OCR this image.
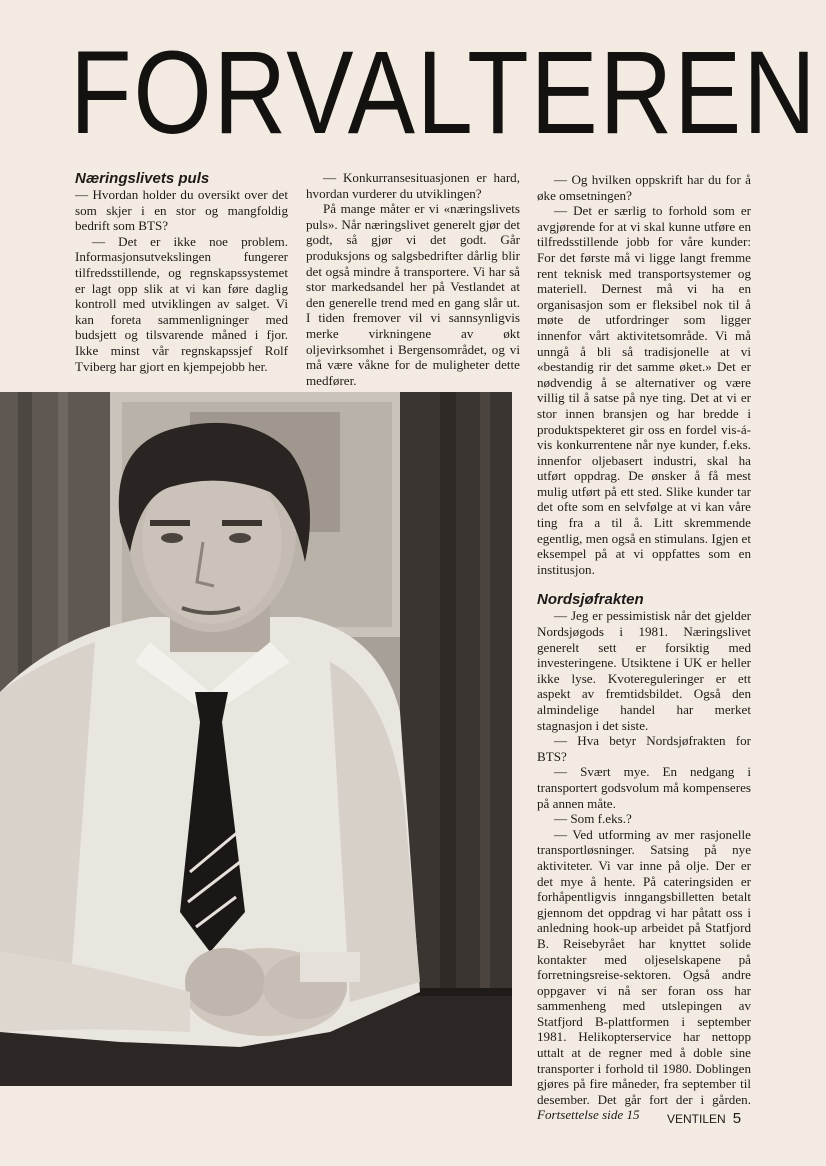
FORVALTEREN
Næringslivets puls

— Hvordan holder du oversikt over det som skjer i en stor og mangfoldig bedrift som BTS?

— Det er ikke noe problem. Informasjonsutvekslingen fungerer tilfredsstillende, og regnskapssystemet er lagt opp slik at vi kan føre daglig kontroll med utviklingen av salget. Vi kan foreta sammenligninger med budsjett og tilsvarende måned i fjor. Ikke minst vår regnskapssjef Rolf Tviberg har gjort en kjempejobb her.

— Konkurransesituasjonen er hard, hvordan vurderer du utviklingen?

På mange måter er vi «næringslivets puls». Når næringslivet generelt gjør det godt, så gjør vi det godt. Går produksjons og salgsbedrifter dårlig blir det også mindre å transportere. Vi har så stor markedsandel her på Vestlandet at den generelle trend med en gang slår ut. I tiden fremover vil vi sannsynligvis merke virkningene av økt oljevirksomhet i Bergensområdet, og vi må være våkne for de muligheter dette medfører.

— Og hvilken oppskrift har du for å øke omsetningen?

— Det er særlig to forhold som er avgjørende for at vi skal kunne utføre en tilfredsstillende jobb for våre kunder: For det første må vi ligge langt fremme rent teknisk med transportsystemer og materiell. Dernest må vi ha en organisasjon som er fleksibel nok til å møte de utfordringer som ligger innenfor vårt aktivitetsområde. Vi må unngå å bli så tradisjonelle at vi «bestandig rir det samme øket.» Det er nødvendig å se alternativer og være villig til å satse på nye ting. Det at vi er stor innen bransjen og har bredde i produktspekteret gir oss en fordel vis-á-vis konkurrentene når nye kunder, f.eks. innenfor oljebasert industri, skal ha utført oppdrag. De ønsker å få mest mulig utført på ett sted. Slike kunder tar det ofte som en selvfølge at vi kan våre ting fra a til å. Litt skremmende egentlig, men også en stimulans. Igjen et eksempel på at vi oppfattes som en institusjon.

Nordsjøfrakten

— Jeg er pessimistisk når det gjelder Nordsjøgods i 1981. Næringslivet generelt sett er forsiktig med investeringene. Utsiktene i UK er heller ikke lyse. Kvotereguleringer er ett aspekt av fremtidsbildet. Også den almindelige handel har merket stagnasjon i det siste.

— Hva betyr Nordsjøfrakten for BTS?

— Svært mye. En nedgang i transportert godsvolum må kompenseres på annen måte.

— Som f.eks.?

— Ved utforming av mer rasjonelle transportløsninger. Satsing på nye aktiviteter. Vi var inne på olje. Der er det mye å hente. På cateringsiden er forhåpentligvis inngangsbilletten betalt gjennom det oppdrag vi har påtatt oss i anledning hook-up arbeidet på Statfjord B. Reisebyrået har knyttet solide kontakter med oljeselskapene på forretningsreise-sektoren. Også andre oppgaver vi nå ser foran oss har sammenheng med utslepingen av Statfjord B-plattformen i september 1981. Helikopterservice har nettopp uttalt at de regner med å doble sine transporter i forhold til 1980. Doblingen gjøres på fire måneder, fra september til desember. Det går fort der i gården. Fortsettelse side 15	VENTILEN 5
